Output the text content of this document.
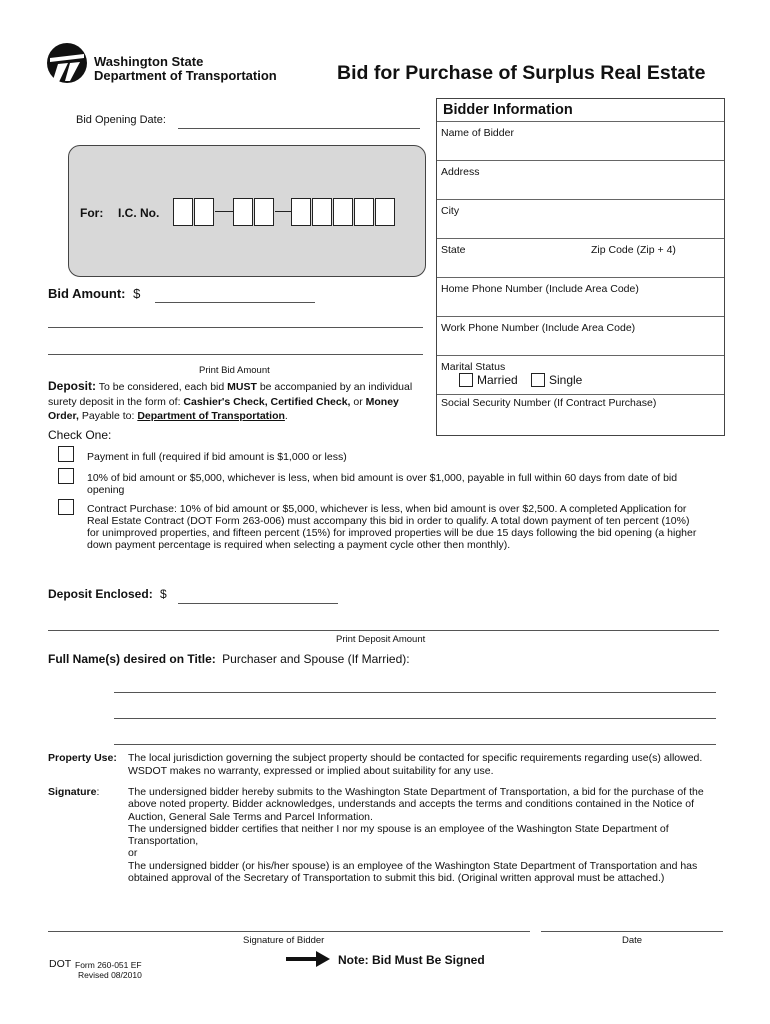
Washington State
Department of Transportation	Bid for Purchase of Surplus Real Estate
Bid Opening Date:
For: I.C. No.
Bidder Information
Name of Bidder
Address
City
State	Zip Code (Zip + 4)
Home Phone Number (Include Area Code)
Work Phone Number (Include Area Code)
Marital Status
Married	Single
Social Security Number (If Contract Purchase)
Bid Amount: $
Print Bid Amount
Deposit: To be considered, each bid MUST be accompanied by an individual surety deposit in the form of: Cashier's Check, Certified Check, or Money Order, Payable to: Department of Transportation.
Check One:
Payment in full (required if bid amount is $1,000 or less)
10% of bid amount or $5,000, whichever is less, when bid amount is over $1,000, payable in full within 60 days from date of bid opening
Contract Purchase: 10% of bid amount or $5,000, whichever is less, when bid amount is over $2,500. A completed Application for Real Estate Contract (DOT Form 263-006) must accompany this bid in order to qualify. A total down payment of ten percent (10%) for unimproved properties, and fifteen percent (15%) for improved properties will be due 15 days following the bid opening (a higher down payment percentage is required when selecting a payment cycle other then monthly).
Deposit Enclosed: $
Print Deposit Amount
Full Name(s) desired on Title: Purchaser and Spouse (If Married):
Property Use: The local jurisdiction governing the subject property should be contacted for specific requirements regarding use(s) allowed. WSDOT makes no warranty, expressed or implied about suitability for any use.
Signature:	The undersigned bidder hereby submits to the Washington State Department of Transportation, a bid for the purchase of the above noted property. Bidder acknowledges, understands and accepts the terms and conditions contained in the Notice of Auction, General Sale Terms and Parcel Information.
The undersigned bidder certifies that neither I nor my spouse is an employee of the Washington State Department of Transportation,
or
The undersigned bidder (or his/her spouse) is an employee of the Washington State Department of Transportation and has obtained approval of the Secretary of Transportation to submit this bid. (Original written approval must be attached.)
Signature of Bidder	Date
DOT Form 260-051 EF
Revised 08/2010
Note: Bid Must Be Signed
